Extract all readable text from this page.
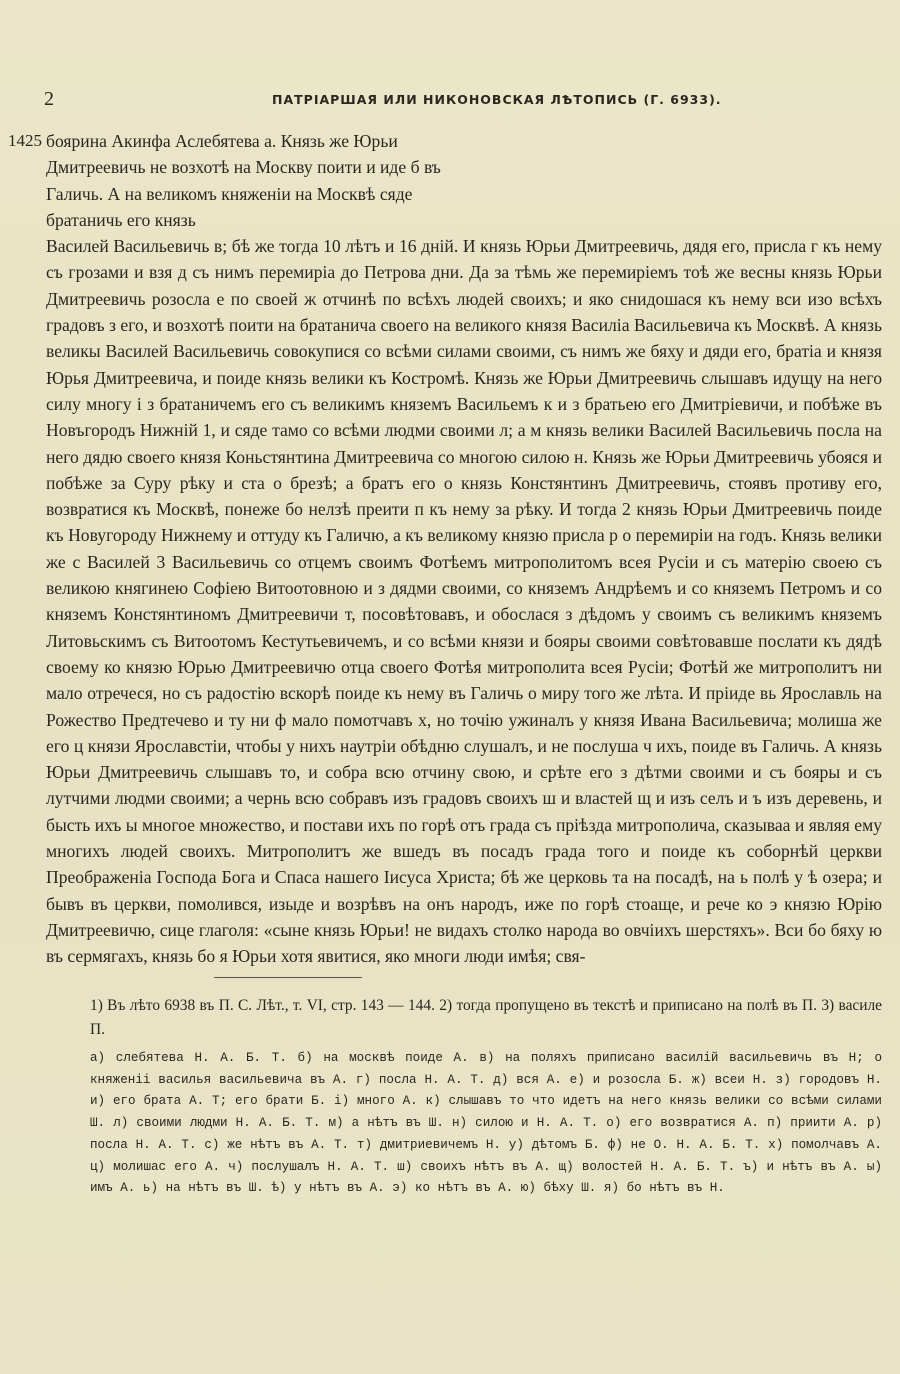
2	ПАТРІАРШАЯ ИЛИ НИКОНОВСКАЯ ЛѢТОПИСЬ (Г. 6933).
1425 боярина Акинфа Аслебятева а. Князь же Юрьи Дмитреевичь не возхотѣ на Москву поити и иде б въ Галичь. А на великомъ княженіи на Москвѣ сяде братаничь его князь

Василей Васильевичь в; бѣ же тогда 10 лѣтъ и 16 дній. И князь Юрьи Дмитреевичь, дядя его, присла г къ нему съ грозами и взя д съ нимъ перемиріа до Петрова дни. Да за тѣмь же перемиріемъ тоѣ же весны князь Юрьи Дмитреевичь розосла е по своей ж отчинѣ по всѣхъ людей своихъ; и яко снидошася къ нему вси изо всѣхъ градовъ з его, и возхотѣ поити на братанича своего на великого князя Василіа Васильевича къ Москвѣ. А князь великы Василей Васильевичь совокупися со всѣми силами своими, съ нимъ же бяху и дяди его, братіа и князя Юрья Дмитреевича, и поиде князь велики къ Костромѣ. Князь же Юрьи Дмитреевичь слышавъ идущу на него силу многу і з братаничемъ его съ великимъ княземъ Васильемъ к и з братьею его Дмитріевичи, и побѣже въ Новъгородъ Нижній 1, и сяде тамо со всѣми людми своими л; а м князь велики Василей Васильевичь посла на него дядю своего князя Коньстянтина Дмитреевича со многою силою н. Князь же Юрьи Дмитреевичь убояся и побѣже за Суру рѣку и ста о брезѣ; а братъ его о князь Констянтинъ Дмитреевичь, стоявъ противу его, возвратися къ Москвѣ, понеже бо нелзѣ преити п къ нему за рѣку. И тогда 2 князь Юрьи Дмитреевичь поиде къ Новугороду Нижнему и оттуду къ Галичю, а къ великому князю присла р о перемиріи на годъ. Князь велики же с Василей 3 Васильевичь со отцемъ своимъ Фотѣемъ митрополитомъ всея Русіи и съ матерію своею съ великою княгинею Софіею Витоотовною и з дядми своими, со княземъ Андрѣемъ и со княземъ Петромъ и со княземъ Констянтиномъ Дмитреевичи т, посовѣтовавъ, и обослася з дѣдомъ у своимъ съ великимъ княземъ Литовьскимъ съ Витоотомъ Кестутьевичемъ, и со всѣми князи и бояры своими совѣтовавше послати къ дядѣ своему ко князю Юрью Дмитреевичю отца своего Фотѣя митрополита всея Русіи; Фотѣй же митрополитъ ни мало отречеся, но съ радостію вскорѣ поиде къ нему въ Галичь о миру того же лѣта. И пріиде вь Ярославль на Рожество Предтечево и ту ни ф мало помотчавъ х, но точію ужиналъ у князя Ивана Васильевича; молиша же его ц князи Ярославстіи, чтобы у нихъ наутріи обѣдню слушалъ, и не послуша ч ихъ, поиде въ Галичь. А князь Юрьи Дмитреевичь слышавъ то, и собра всю отчину свою, и срѣте его з дѣтми своими и съ бояры и съ лутчими людми своими; а чернь всю собравъ изъ градовъ своихъ ш и властей щ и изъ селъ и ъ изъ деревень, и бысть ихъ ы многое множество, и постави ихъ по горѣ отъ града съ пріѣзда митрополича, сказываа и являя ему многихъ людей своихъ. Митрополитъ же вшедъ въ посадъ града того и поиде къ соборнѣй церкви Преображеніа Господа Бога и Спаса нашего Іисуса Христа; бѣ же церковь та на посадѣ, на ь полѣ у ѣ озера; и бывъ въ церкви, помолився, изыде и возрѣвъ на онъ народъ, иже по горѣ стоаще, и рече ко э князю Юрію Дмитреевичю, сице глаголя: «сыне князь Юрьи! не видахъ столко народа во овчіихъ шерстяхъ». Вси бо бяху ю въ сермягахъ, князь бо я Юрьи хотя явитися, яко многи люди имѣя; свя-

1) Въ лѣто 6938 въ П. С. Лѣт., т. VI, стр. 143 — 144. 2) тогда пропущено въ текстѣ и приписано на полѣ въ П. 3) василе П.

а) слебятева Н. А. Б. Т. б) на москвѣ поиде А. в) на поляхъ приписано василій васильевичь въ Н; о княженіі василья васильевича въ А. г) посла Н. А. Т. д) вся А. е) и розосла Б. ж) всеи Н. з) городовъ Н. и) его брата А. Т; его брати Б. і) много А. к) слышавъ то что идетъ на него князь велики со всѣми силами Ш. л) своими людми Н. А. Б. Т. м) а нѣтъ въ Ш. н) силою и Н. А. Т. о) его возвратися А. п) приити А. р) посла Н. А. Т. с) же нѣтъ въ А. Т. т) дмитриевичемъ Н. у) дѣтомъ Б. ф) не О. Н. А. Б. Т. х) помолчавъ А. ц) молишас его А. ч) послушалъ Н. А. Т. ш) своихъ нѣтъ въ А. щ) волостей Н. А. Б. Т. ъ) и нѣтъ въ А. ы) имъ А. ь) на нѣтъ въ Ш. ѣ) у нѣтъ въ А. э) ко нѣтъ въ А. ю) бѣху Ш. я) бо нѣтъ въ Н.
